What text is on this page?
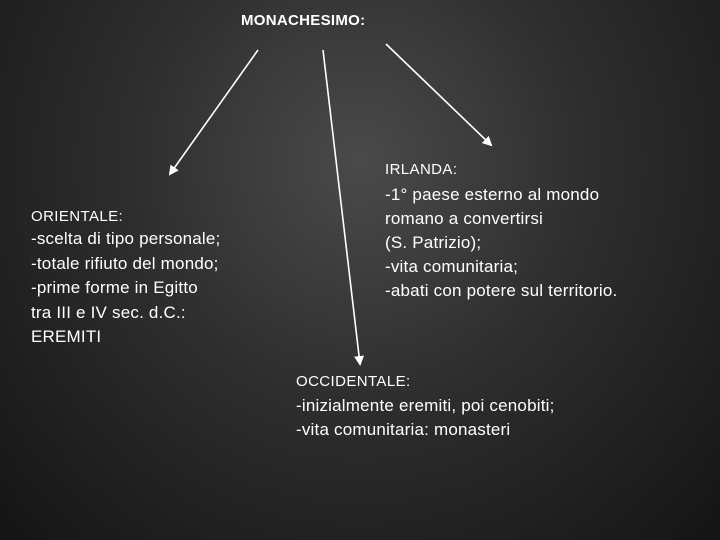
MONACHESIMO:
ORIENTALE:
-scelta di tipo personale;
-totale rifiuto del mondo;
-prime forme in Egitto
tra III e IV sec. d.C.:
EREMITI
IRLANDA:
-1° paese esterno al mondo
romano a convertirsi
(S. Patrizio);
-vita comunitaria;
-abati con potere sul territorio.
OCCIDENTALE:
-inizialmente eremiti, poi cenobiti;
-vita comunitaria: monasteri
